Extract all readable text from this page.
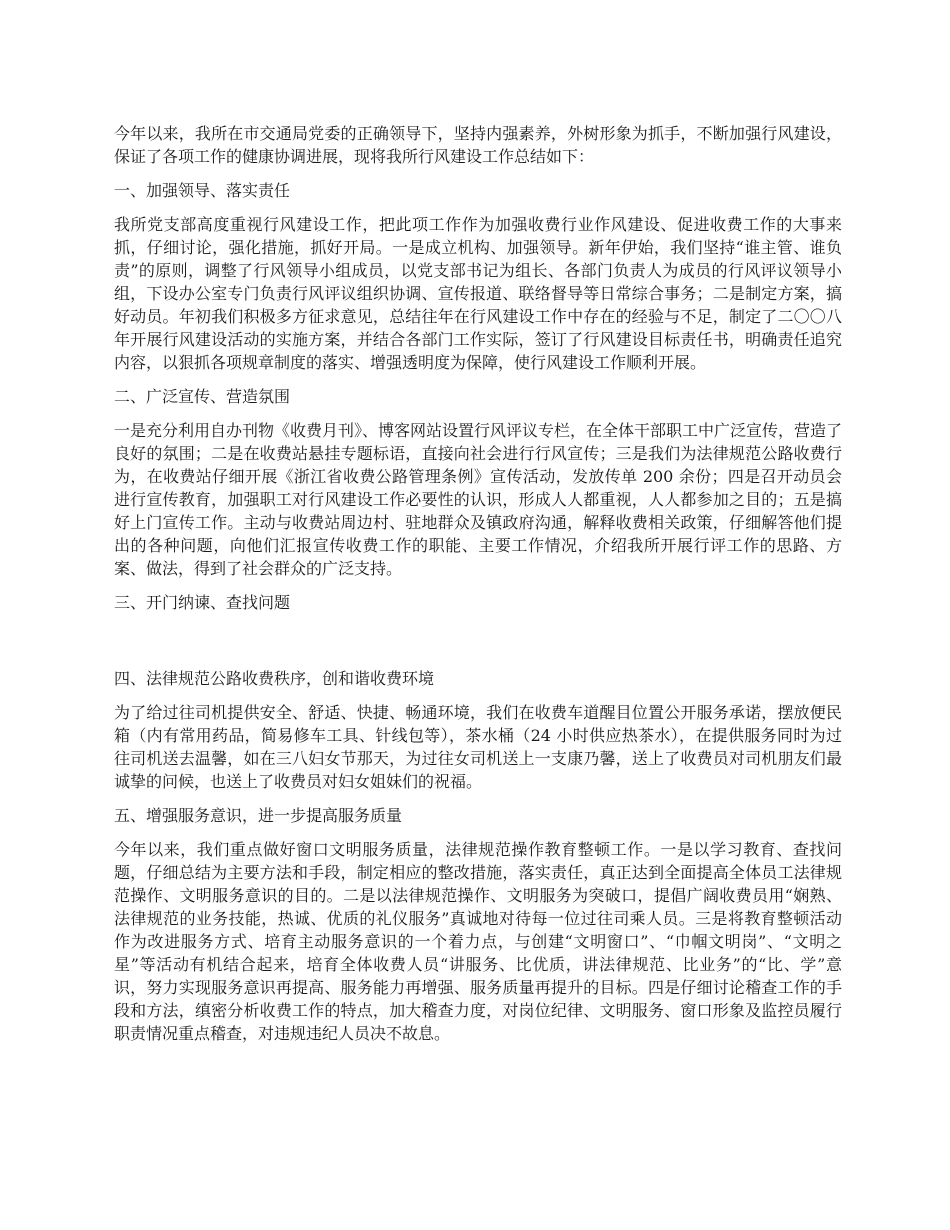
今年以来，我所在市交通局党委的正确领导下，坚持内强素养，外树形象为抓手，不断加强行风建设，保证了各项工作的健康协调进展，现将我所行风建设工作总结如下：

一、加强领导、落实责任

我所党支部高度重视行风建设工作，把此项工作作为加强收费行业作风建设、促进收费工作的大事来抓，仔细讨论，强化措施，抓好开局。一是成立机构、加强领导。新年伊始，我们坚持“谁主管、谁负责”的原则，调整了行风领导小组成员，以党支部书记为组长、各部门负责人为成员的行风评议领导小组，下设办公室专门负责行风评议组织协调、宣传报道、联络督导等日常综合事务；二是制定方案，搞好动员。年初我们积极多方征求意见，总结往年在行风建设工作中存在的经验与不足，制定了二〇〇八年开展行风建设活动的实施方案，并结合各部门工作实际，签订了行风建设目标责任书，明确责任追究内容，以狠抓各项规章制度的落实、增强透明度为保障，使行风建设工作顺利开展。

二、广泛宣传、营造氛围

一是充分利用自办刊物《收费月刊》、博客网站设置行风评议专栏，在全体干部职工中广泛宣传，营造了良好的氛围；二是在收费站悬挂专题标语，直接向社会进行行风宣传；三是我们为法律规范公路收费行为，在收费站仔细开展《浙江省收费公路管理条例》宣传活动，发放传单 200 余份；四是召开动员会进行宣传教育，加强职工对行风建设工作必要性的认识，形成人人都重视，人人都参加之目的；五是搞好上门宣传工作。主动与收费站周边村、驻地群众及镇政府沟通，解释收费相关政策，仔细解答他们提出的各种问题，向他们汇报宣传收费工作的职能、主要工作情况，介绍我所开展行评工作的思路、方案、做法，得到了社会群众的广泛支持。

三、开门纳谏、查找问题

四、法律规范公路收费秩序，创和谐收费环境

为了给过往司机提供安全、舒适、快捷、畅通环境，我们在收费车道醒目位置公开服务承诺，摆放便民箱（内有常用药品，简易修车工具、针线包等），茶水桶（24 小时供应热茶水），在提供服务同时为过往司机送去温馨，如在三八妇女节那天，为过往女司机送上一支康乃馨，送上了收费员对司机朋友们最诚挚的问候，也送上了收费员对妇女姐妹们的祝福。

五、增强服务意识，进一步提高服务质量

今年以来，我们重点做好窗口文明服务质量，法律规范操作教育整顿工作。一是以学习教育、查找问题，仔细总结为主要方法和手段，制定相应的整改措施，落实责任，真正达到全面提高全体员工法律规范操作、文明服务意识的目的。二是以法律规范操作、文明服务为突破口，提倡广阔收费员用“娴熟、法律规范的业务技能，热诚、优质的礼仪服务”真诚地对待每一位过往司乘人员。三是将教育整顿活动作为改进服务方式、培育主动服务意识的一个着力点，与创建“文明窗口”、“巾帼文明岗”、“文明之星”等活动有机结合起来，培育全体收费人员“讲服务、比优质，讲法律规范、比业务”的“比、学”意识，努力实现服务意识再提高、服务能力再增强、服务质量再提升的目标。四是仔细讨论稽查工作的手段和方法，缜密分析收费工作的特点，加大稽查力度，对岗位纪律、文明服务、窗口形象及监控员履行职责情况重点稽查，对违规违纪人员决不故息。
